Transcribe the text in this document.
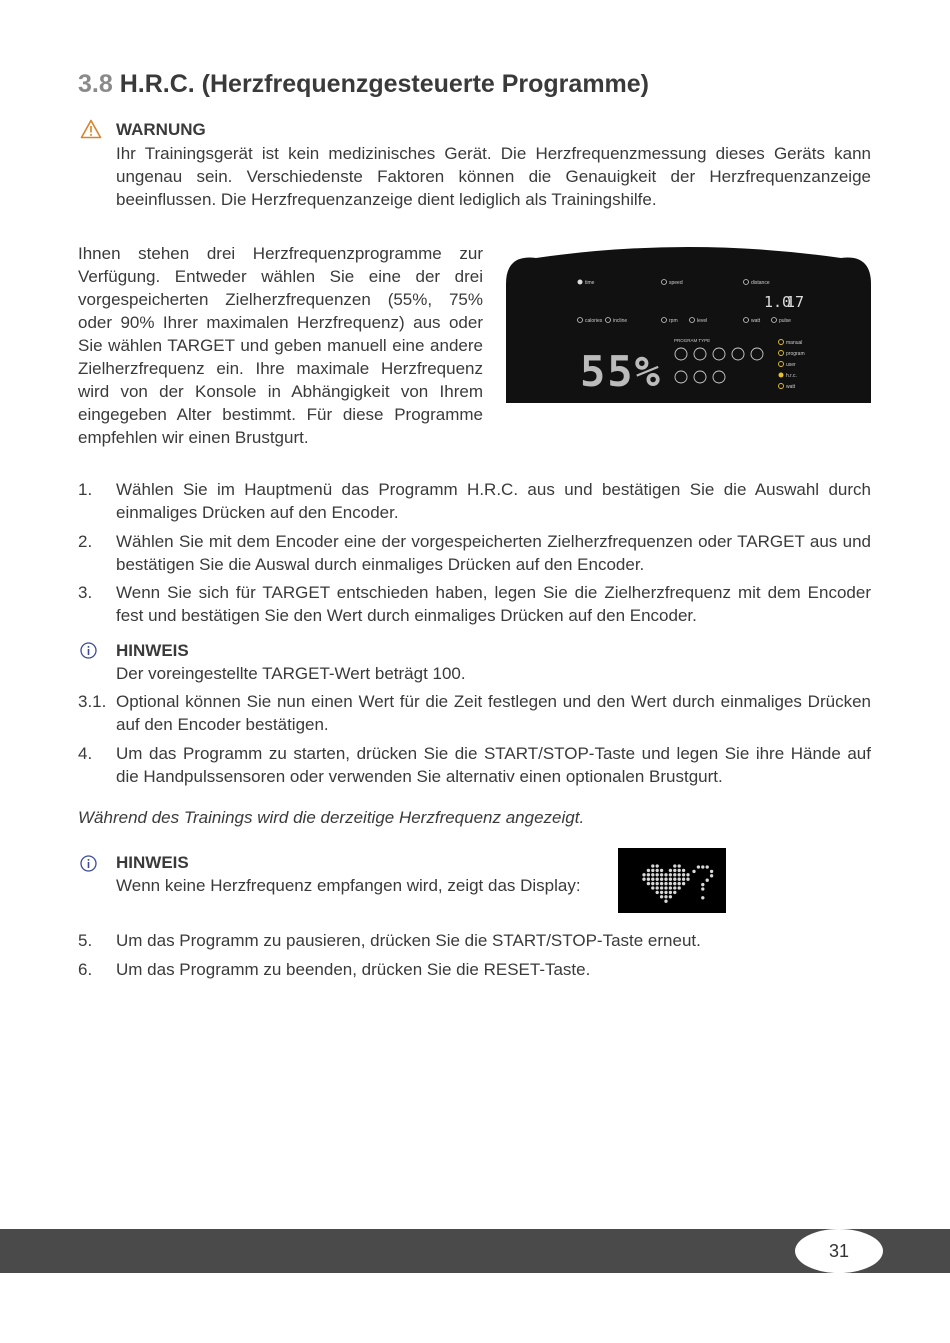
3.8 H.R.C. (Herzfrequenzgesteuerte Programme)
WARNUNG
Ihr Trainingsgerät ist kein medizinisches Gerät. Die Herzfrequenzmessung dieses Geräts kann ungenau sein. Verschiedenste Faktoren können die Genauigkeit der Herzfrequenzanzeige beeinflussen. Die Herzfrequenzanzeige dient lediglich als Trainingshilfe.
Ihnen stehen drei Herzfrequenzprogramme zur Verfügung. Entweder wählen Sie eine der drei vorgespeicherten Zielherzfrequenzen (55%, 75% oder 90% Ihrer maximalen Herzfrequenz) aus oder Sie wählen TARGET und geben manuell eine andere Zielherzfrequenz ein. Ihre maximale Herzfrequenz wird von der Konsole in Abhängigkeit von Ihrem eingegeben Alter bestimmt. Für diese Programme empfehlen wir einen Brustgurt.
time	speed	distance
1.0
17
calories incline	rpm	level	watt	pulse
55%
PROGRAM TYPE	manual
program
user
h.r.c.
watt
1. Wählen Sie im Hauptmenü das Programm H.R.C. aus und bestätigen Sie die Auswahl durch einmaliges Drücken auf den Encoder.
2. Wählen Sie mit dem Encoder eine der vorgespeicherten Zielherzfrequenzen oder TARGET aus und bestätigen Sie die Auswal durch einmaliges Drücken auf den Encoder.
3. Wenn Sie sich für TARGET entschieden haben, legen Sie die Zielherzfrequenz mit dem Encoder fest und bestätigen Sie den Wert durch einmaliges Drücken auf den Encoder.
HINWEIS
Der voreingestellte TARGET-Wert beträgt 100.
3.1. Optional können Sie nun einen Wert für die Zeit festlegen und den Wert durch einmaliges Drücken auf den Encoder bestätigen.
4. Um das Programm zu starten, drücken Sie die START/STOP-Taste und legen Sie ihre Hände auf die Handpulssensoren oder verwenden Sie alternativ einen optionalen Brustgurt.
Während des Trainings wird die derzeitige Herzfrequenz angezeigt.
HINWEIS
Wenn keine Herzfrequenz empfangen wird, zeigt das Display:
5. Um das Programm zu pausieren, drücken Sie die START/STOP-Taste erneut.
6. Um das Programm zu beenden, drücken Sie die RESET-Taste.
31
